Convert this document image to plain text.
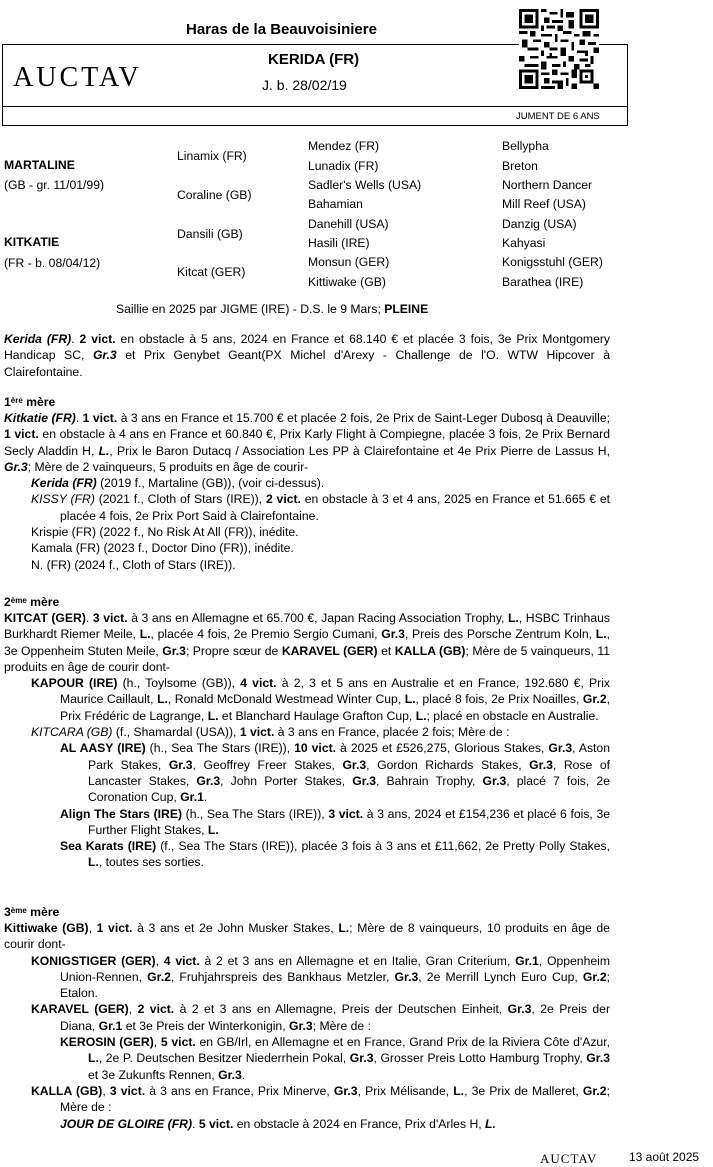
Haras de la Beauvoisiniere
KERIDA (FR)
J. b. 28/02/19
AUCTAV
JUMENT DE 6 ANS
MARTALINE
(GB - gr. 11/01/99)
KITKATIE
(FR - b. 08/04/12)
Linamix (FR)
Coraline (GB)
Dansili (GB)
Kitcat (GER)
Mendez (FR)
Lunadix (FR)
Sadler's Wells (USA)
Bahamian
Danehill (USA)
Hasili (IRE)
Monsun (GER)
Kittiwake (GB)
Bellypha
Breton
Northern Dancer
Mill Reef (USA)
Danzig (USA)
Kahyasi
Konigsstuhl (GER)
Barathea (IRE)
Saillie en 2025 par JIGME (IRE) - D.S. le 9 Mars; PLEINE

Kerida (FR). 2 vict. en obstacle à 5 ans, 2024 en France et 68.140 € et placée 3 fois, 3e Prix Montgomery Handicap SC, Gr.3 et Prix Genybet Geant(PX Michel d'Arexy - Challenge de l'O. WTW Hipcover à Clairefontaine.

1ère mère

Kitkatie (FR). 1 vict. à 3 ans en France et 15.700 € et placée 2 fois, 2e Prix de Saint-Leger Dubosq à Deauville; 1 vict. en obstacle à 4 ans en France et 60.840 €, Prix Karly Flight à Compiegne, placée 3 fois, 2e Prix Bernard Secly Aladdin H, L., Prix le Baron Dutacq / Association Les PP à Clairefontaine et 4e Prix Pierre de Lassus H, Gr.3; Mère de 2 vainqueurs, 5 produits en âge de courir-

Kerida (FR) (2019 f., Martaline (GB)), (voir ci-dessus).

KISSY (FR) (2021 f., Cloth of Stars (IRE)), 2 vict. en obstacle à 3 et 4 ans, 2025 en France et 51.665 € et placée 4 fois, 2e Prix Port Said à Clairefontaine.

Krispie (FR) (2022 f., No Risk At All (FR)), inédite.

Kamala (FR) (2023 f., Doctor Dino (FR)), inédite.

N. (FR) (2024 f., Cloth of Stars (IRE)).

2ème mère

KITCAT (GER). 3 vict. à 3 ans en Allemagne et 65.700 €, Japan Racing Association Trophy, L., HSBC Trinhaus Burkhardt Riemer Meile, L., placée 4 fois, 2e Premio Sergio Cumani, Gr.3, Preis des Porsche Zentrum Koln, L., 3e Oppenheim Stuten Meile, Gr.3; Propre sœur de KARAVEL (GER) et KALLA (GB); Mère de 5 vainqueurs, 11 produits en âge de courir dont-

KAPOUR (IRE) (h., Toylsome (GB)), 4 vict. à 2, 3 et 5 ans en Australie et en France, 192.680 €, Prix Maurice Caillault, L., Ronald McDonald Westmead Winter Cup, L., placé 8 fois, 2e Prix Noailles, Gr.2, Prix Frédéric de Lagrange, L. et Blanchard Haulage Grafton Cup, L.; placé en obstacle en Australie.

KITCARA (GB) (f., Shamardal (USA)), 1 vict. à 3 ans en France, placée 2 fois; Mère de :

AL AASY (IRE) (h., Sea The Stars (IRE)), 10 vict. à 2025 et £526,275, Glorious Stakes, Gr.3, Aston Park Stakes, Gr.3, Geoffrey Freer Stakes, Gr.3, Gordon Richards Stakes, Gr.3, Rose of Lancaster Stakes, Gr.3, John Porter Stakes, Gr.3, Bahrain Trophy, Gr.3, placé 7 fois, 2e Coronation Cup, Gr.1.

Align The Stars (IRE) (h., Sea The Stars (IRE)), 3 vict. à 3 ans, 2024 et £154,236 et placé 6 fois, 3e Further Flight Stakes, L.

Sea Karats (IRE) (f., Sea The Stars (IRE)), placée 3 fois à 3 ans et £11,662, 2e Pretty Polly Stakes, L., toutes ses sorties.

3ème mère

Kittiwake (GB), 1 vict. à 3 ans et 2e John Musker Stakes, L.; Mère de 8 vainqueurs, 10 produits en âge de courir dont-

KONIGSTIGER (GER), 4 vict. à 2 et 3 ans en Allemagne et en Italie, Gran Criterium, Gr.1, Oppenheim Union-Rennen, Gr.2, Fruhjahrspreis des Bankhaus Metzler, Gr.3, 2e Merrill Lynch Euro Cup, Gr.2; Etalon.

KARAVEL (GER), 2 vict. à 2 et 3 ans en Allemagne, Preis der Deutschen Einheit, Gr.3, 2e Preis der Diana, Gr.1 et 3e Preis der Winterkonigin, Gr.3; Mère de :

KEROSIN (GER), 5 vict. en GB/Irl, en Allemagne et en France, Grand Prix de la Riviera Côte d'Azur, L., 2e P. Deutschen Besitzer Niederrhein Pokal, Gr.3, Grosser Preis Lotto Hamburg Trophy, Gr.3 et 3e Zukunfts Rennen, Gr.3.

KALLA (GB), 3 vict. à 3 ans en France, Prix Minerve, Gr.3, Prix Mélisande, L., 3e Prix de Malleret, Gr.2; Mère de :

JOUR DE GLOIRE (FR). 5 vict. en obstacle à 2024 en France, Prix d'Arles H, L.

AUCTAV	13 août 2025
